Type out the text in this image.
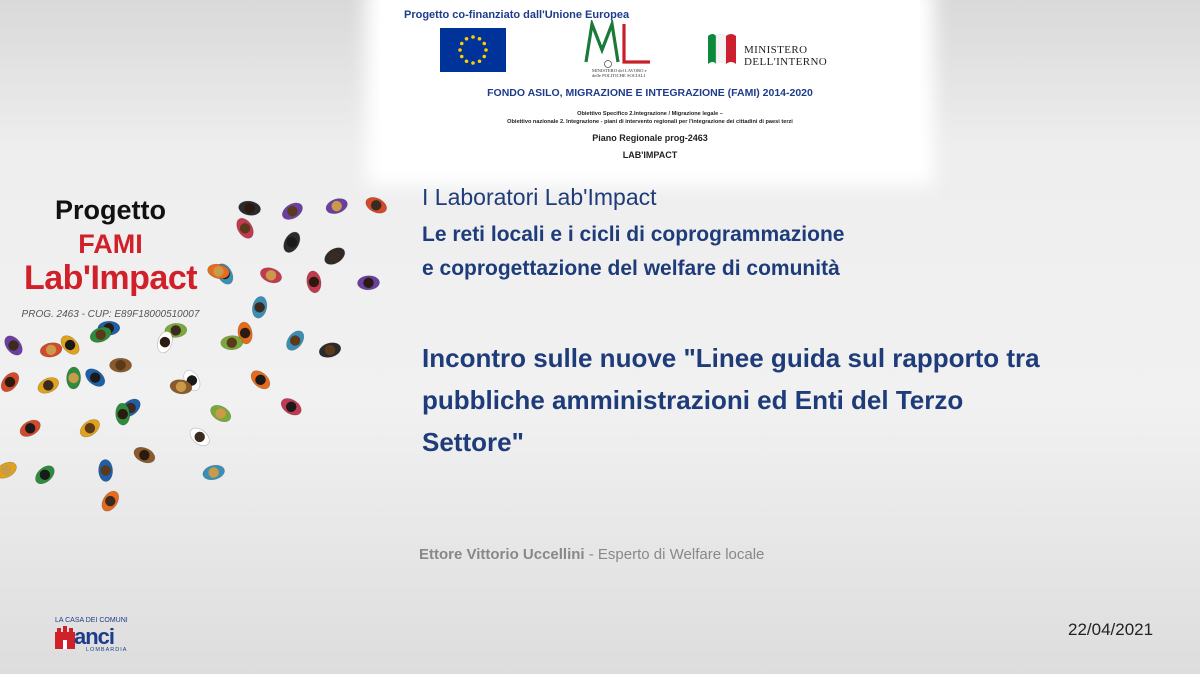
Progetto co-finanziato dall'Unione Europea
MINISTERO del LAVORO e delle POLITICHE SOCIALI
MINISTERO
DELL'INTERNO
FONDO ASILO, MIGRAZIONE E INTEGRAZIONE (FAMI) 2014-2020
Obiettivo Specifico 2.Integrazione / Migrazione legale –
Obiettivo nazionale 2. Integrazione - piani di intervento regionali per l'integrazione dei cittadini di paesi terzi
Piano Regionale prog-2463
LAB'IMPACT
Progetto
FAMI
Lab'Impact
PROG. 2463 - CUP: E89F18000510007
I Laboratori Lab'Impact
Le reti locali e i cicli di coprogrammazione
e coprogettazione del welfare di comunità
Incontro sulle nuove "Linee guida sul rapporto tra
pubbliche amministrazioni ed Enti del Terzo
Settore"
Ettore Vittorio Uccellini - Esperto di Welfare locale
22/04/2021
LA CASA DEI COMUNI
anci
LOMBARDIA
